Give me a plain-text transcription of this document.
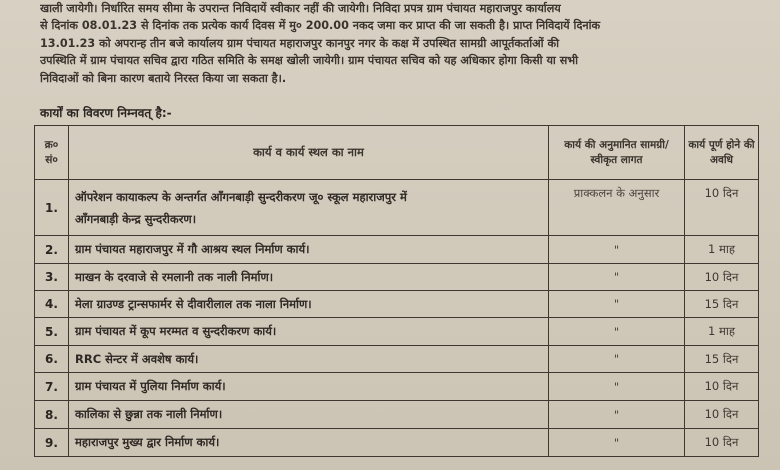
खाली जायेगी। निर्धारित समय सीमा के उपरान्त निविदायें स्वीकार नहीं की जायेगी। निविदा प्रपत्र ग्राम पंचायत महाराजपुर कार्यालय
से दिनांक 08.01.23 से दिनांक तक प्रत्येक कार्य दिवस में मु० 200.00 नकद जमा कर प्राप्त की जा सकती है। प्राप्त निविदायें दिनांक
13.01.23 को अपरान्ह तीन बजे कार्यालय ग्राम पंचायत महाराजपुर कानपुर नगर के कक्ष में उपस्थित सामग्री आपूर्तकर्ताओं की
उपस्थिति में ग्राम पंचायत सचिव द्वारा गठित समिति के समक्ष खोली जायेगी। ग्राम पंचायत सचिव को यह अधिकार होगा किसी या सभी
निविदाओं को बिना कारण बताये निरस्त किया जा सकता है।.
कार्यों का विवरण निम्नवत् है:-
क्र० सं०	कार्य व कार्य स्थल का नाम	कार्य की अनुमानित सामग्री/स्वीकृत लागत	कार्य पूर्ण होने की अवधि
1.	ऑपरेशन कायाकल्प के अन्तर्गत आँगनबाड़ी सुन्दरीकरण जू० स्कूल महाराजपुर में
आँगनबाड़ी केन्द्र सुन्दरीकरण।	प्राक्कलन के अनुसार	10 दिन
2.	ग्राम पंचायत महाराजपुर में गौ आश्रय स्थल निर्माण कार्य।	"	1 माह
3.	माखन के दरवाजे से रमलानी तक नाली निर्माण।	"	10 दिन
4.	मेला ग्राउण्ड ट्रान्सफार्मर से दीवारीलाल तक नाला निर्माण।	"	15 दिन
5.	ग्राम पंचायत में कूप मरम्मत व सुन्दरीकरण कार्य।	"	1 माह
6.	RRC सेन्टर में अवशेष कार्य।	"	15 दिन
7.	ग्राम पंचायत में पुलिया निर्माण कार्य।	"	10 दिन
8.	कालिका से छुन्ना तक नाली निर्माण।	"	10 दिन
9.	महाराजपुर मुख्य द्वार निर्माण कार्य।	"	10 दिन
